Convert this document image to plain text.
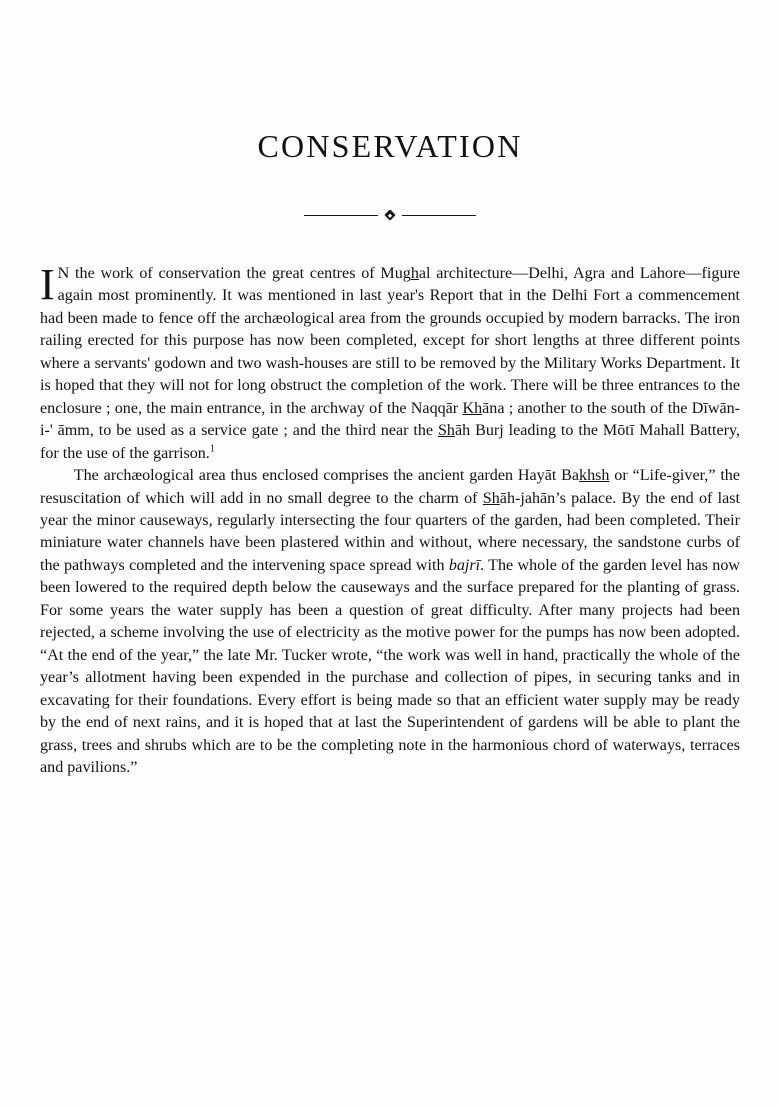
CONSERVATION

I N the work of conservation the great centres of Mughal architecture—Delhi, Agra and Lahore—figure again most prominently. It was mentioned in last year's Report that in the Delhi Fort a commencement had been made to fence off the archæological area from the grounds occupied by modern barracks. The iron railing erected for this purpose has now been completed, except for short lengths at three different points where a servants' godown and two wash-houses are still to be removed by the Military Works Department. It is hoped that they will not for long obstruct the completion of the work. There will be three entrances to the enclosure ; one, the main entrance, in the archway of the Naqqār Khāna ; another to the south of the Dīwān-i-' āmm, to be used as a service gate ; and the third near the Shāh Burj leading to the Mōtī Mahall Battery, for the use of the garrison.$^1$

The archæological area thus enclosed comprises the ancient garden Hayāt Bakhsh or “Life-giver,” the resuscitation of which will add in no small degree to the charm of Shāh-jahān’s palace. By the end of last year the minor causeways, regularly intersecting the four quarters of the garden, had been completed. Their miniature water channels have been plastered within and without, where necessary, the sandstone curbs of the pathways completed and the intervening space spread with bajrī. The whole of the garden level has now been lowered to the required depth below the causeways and the surface prepared for the planting of grass. For some years the water supply has been a question of great difficulty. After many projects had been rejected, a scheme involving the use of electricity as the motive power for the pumps has now been adopted. “At the end of the year,” the late Mr. Tucker wrote, “the work was well in hand, practically the whole of the year’s allotment having been expended in the purchase and collection of pipes, in securing tanks and in excavating for their foundations. Every effort is being made so that an efficient water supply may be ready by the end of next rains, and it is hoped that at last the Superintendent of gardens will be able to plant the grass, trees and shrubs which are to be the completing note in the harmonious chord of waterways, terraces and pavilions.”
